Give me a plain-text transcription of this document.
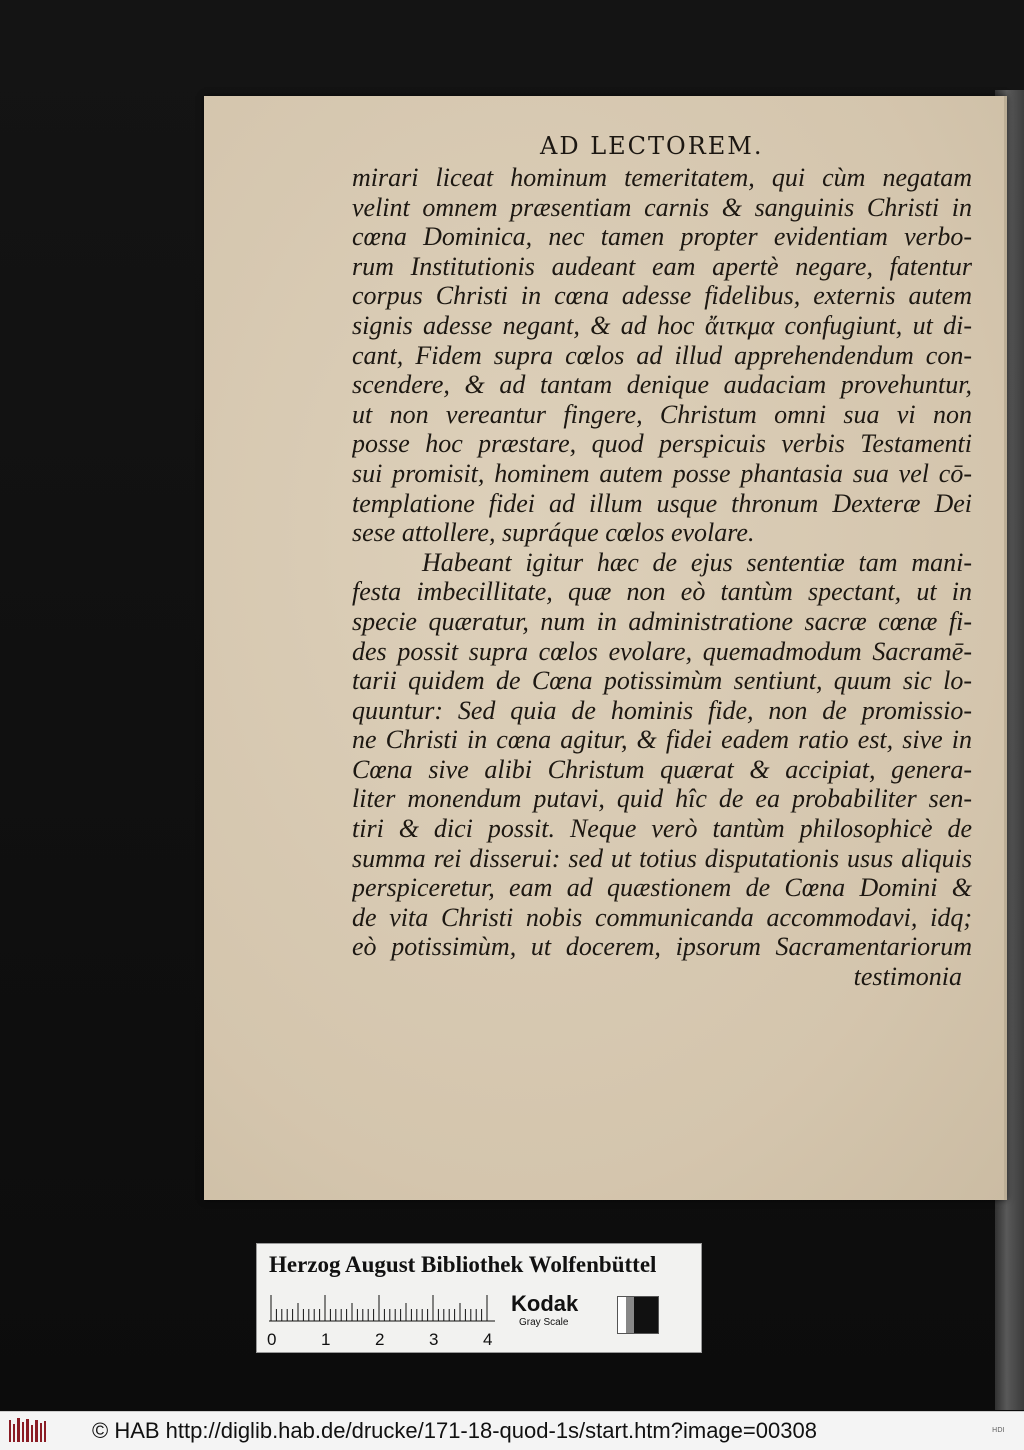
AD LECTOREM.
mirari liceat hominum temeritatem, qui cùm negatam
velint omnem præsentiam carnis & sanguinis Christi in
cœna Dominica, nec tamen propter evidentiam verbo-
rum Institutionis audeant eam apertè negare, fatentur
corpus Christi in cœna adesse fidelibus, externis autem
signis adesse negant, & ad hoc ἄιτκμα confugiunt, ut di-
cant, Fidem supra cœlos ad illud apprehendendum con-
scendere, & ad tantam denique audaciam provehuntur,
ut non vereantur fingere, Christum omni sua vi non
posse hoc præstare, quod perspicuis verbis Testamenti
sui promisit, hominem autem posse phantasia sua vel cō-
templatione fidei ad illum usque thronum Dexteræ Dei
sese attollere, supráque cœlos evolare.
Habeant igitur hæc de ejus sententiæ tam mani-
festa imbecillitate, quæ non eò tantùm spectant, ut in
specie quæratur, num in administratione sacræ cœnæ fi-
des possit supra cœlos evolare, quemadmodum Sacramē-
tarii quidem de Cœna potissimùm sentiunt, quum sic lo-
quuntur: Sed quia de hominis fide, non de promissio-
ne Christi in cœna agitur, & fidei eadem ratio est, sive in
Cœna sive alibi Christum quærat & accipiat, genera-
liter monendum putavi, quid hîc de ea probabiliter sen-
tiri & dici possit. Neque verò tantùm philosophicè de
summa rei disserui: sed ut totius disputationis usus aliquis
perspiceretur, eam ad quæstionem de Cœna Domini &
de vita Christi nobis communicanda accommodavi, idq;
eò potissimùm, ut docerem, ipsorum Sacramentariorum
testimonia
Herzog August Bibliothek Wolfenbüttel
0	1	2	3	4
Kodak
Gray Scale
© HAB http://diglib.hab.de/drucke/171-18-quod-1s/start.htm?image=00308	HDI
